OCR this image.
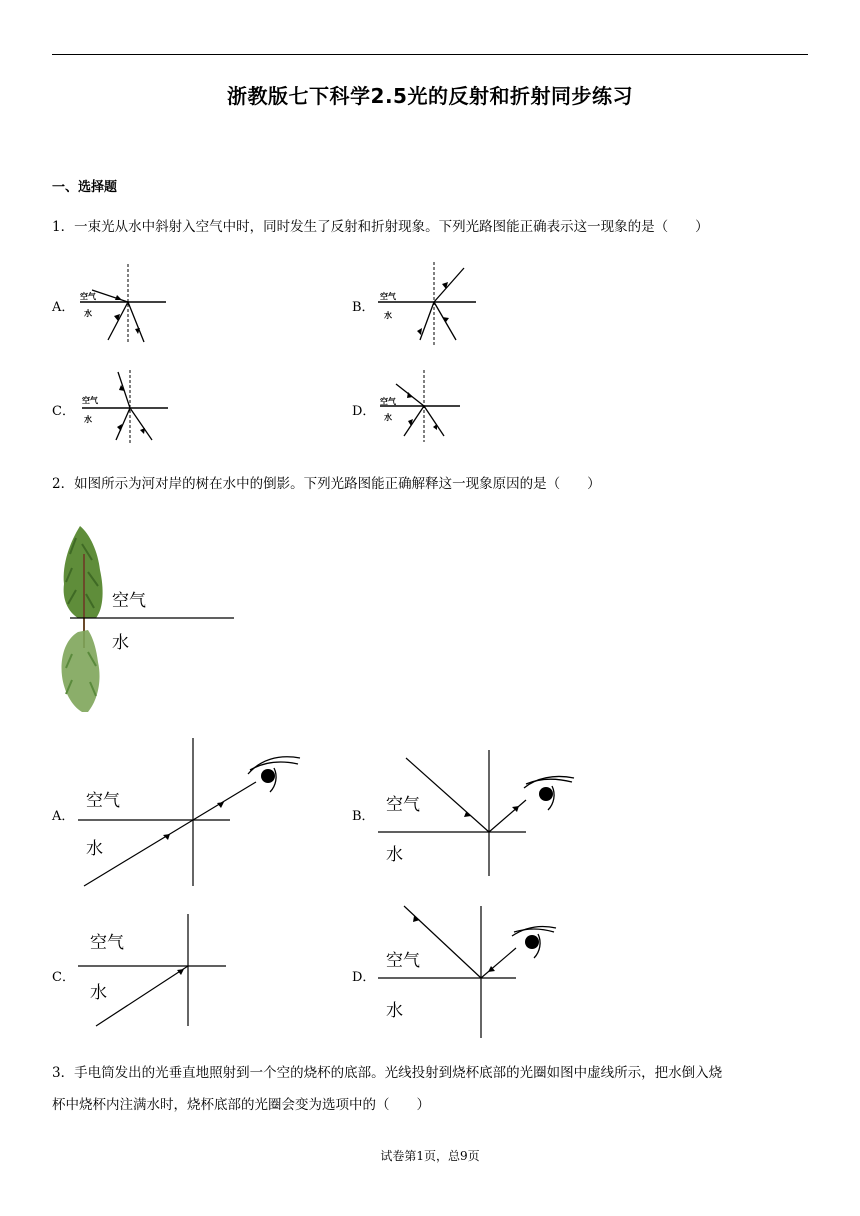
浙教版七下科学2.5光的反射和折射同步练习
一、选择题
1．一束光从水中斜射入空气中时，同时发生了反射和折射现象。下列光路图能正确表示这一现象的是（　　）
A．
空气
水	B．
空气
水
C．
空气
水
D．
空气
水
2．如图所示为河对岸的树在水中的倒影。下列光路图能正确解释这一现象原因的是（　　）
空气
水
A．
空气
水
B．
空气
水
C．
空气
水
D．
空气
水
3．手电筒发出的光垂直地照射到一个空的烧杯的底部。光线投射到烧杯底部的光圈如图中虚线所示，把水倒入烧
杯中烧杯内注满水时，烧杯底部的光圈会变为选项中的（　　）
试卷第1页，总9页
